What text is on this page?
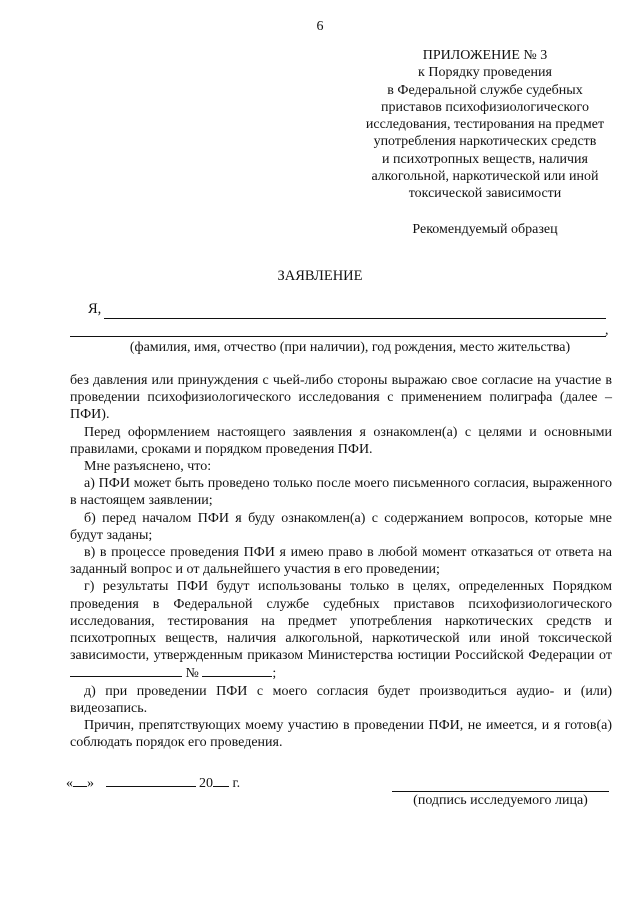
6
ПРИЛОЖЕНИЕ № 3
к Порядку проведения
в Федеральной службе судебных
приставов психофизиологического
исследования, тестирования на предмет
употребления наркотических средств
и психотропных веществ, наличия
алкогольной, наркотической или иной
токсической зависимости
Рекомендуемый образец
ЗАЯВЛЕНИЕ
Я,
,
(фамилия, имя, отчество (при наличии), год рождения, место жительства)

без давления или принуждения с чьей-либо стороны выражаю свое согласие на участие в проведении психофизиологического исследования с применением полиграфа (далее – ПФИ).

Перед оформлением настоящего заявления я ознакомлен(а) с целями и основными правилами, сроками и порядком проведения ПФИ.

Мне разъяснено, что:

а) ПФИ может быть проведено только после моего письменного согласия, выраженного в настоящем заявлении;

б) перед началом ПФИ я буду ознакомлен(а) с содержанием вопросов, которые мне будут заданы;

в) в процессе проведения ПФИ я имею право в любой момент отказаться от ответа на заданный вопрос и от дальнейшего участия в его проведении;

г) результаты ПФИ будут использованы только в целях, определенных Порядком проведения в Федеральной службе судебных приставов психофизиологического исследования, тестирования на предмет употребления наркотических средств и психотропных веществ, наличия алкогольной, наркотической или иной токсической зависимости, утвержденным приказом Министерства юстиции Российской Федерации от  №	;

д) при проведении ПФИ с моего согласия будет производиться аудио- и (или) видеозапись.

Причин, препятствующих моему участию в проведении ПФИ, не имеется, и я готов(а) соблюдать порядок его проведения.

« »	20 г.
(подпись исследуемого лица)
